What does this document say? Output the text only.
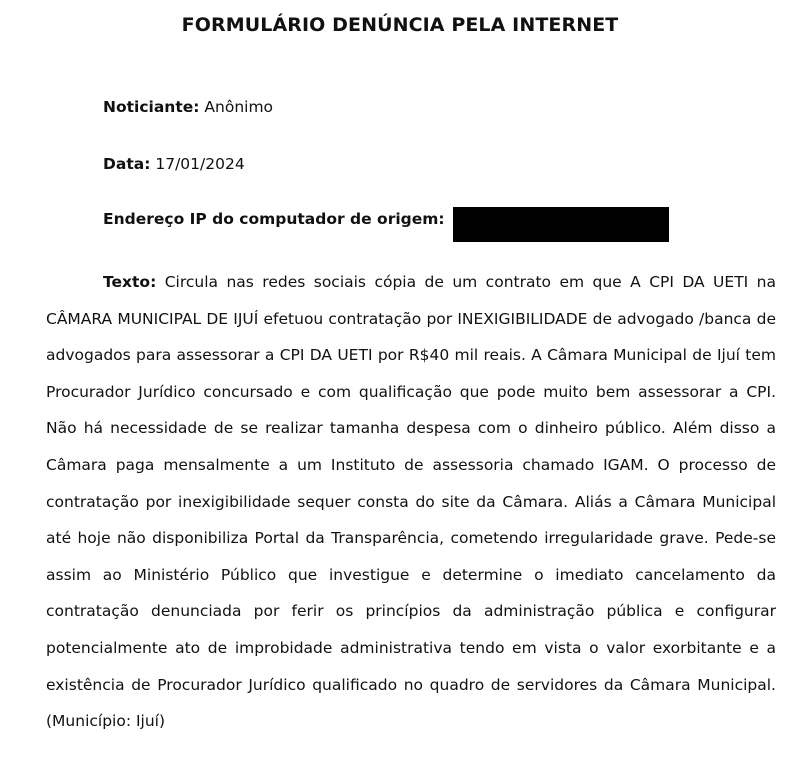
FORMULÁRIO DENÚNCIA PELA INTERNET
Noticiante: Anônimo
Data: 17/01/2024
Endereço IP do computador de origem:

Texto: Circula nas redes sociais cópia de um contrato em que A CPI DA UETI na CÂMARA MUNICIPAL DE IJUÍ efetuou contratação por INEXIGIBILIDADE de advogado /banca de advogados para assessorar a CPI DA UETI por R$40 mil reais. A Câmara Municipal de Ijuí tem Procurador Jurídico concursado e com qualificação que pode muito bem assessorar a CPI. Não há necessidade de se realizar tamanha despesa com o dinheiro público. Além disso a Câmara paga mensalmente a um Instituto de assessoria chamado IGAM. O processo de contratação por inexigibilidade sequer consta do site da Câmara. Aliás a Câmara Municipal até hoje não disponibiliza Portal da Transparência, cometendo irregularidade grave. Pede-se assim ao Ministério Público que investigue e determine o imediato cancelamento da contratação denunciada por ferir os princípios da administração pública e configurar potencialmente ato de improbidade administrativa tendo em vista o valor exorbitante e a existência de Procurador Jurídico qualificado no quadro de servidores da Câmara Municipal. (Município: Ijuí)
